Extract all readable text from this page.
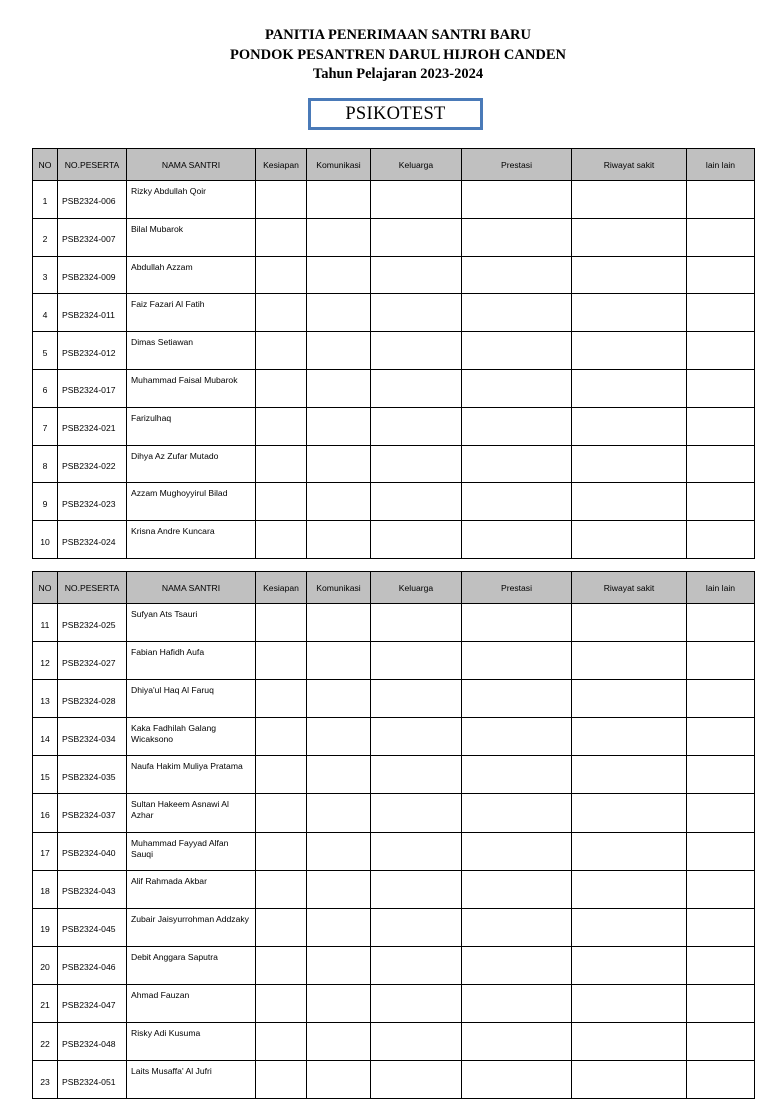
PANITIA PENERIMAAN SANTRI BARU
PONDOK PESANTREN DARUL HIJROH CANDEN
Tahun Pelajaran 2023-2024
PSIKOTEST
NO	NO.PESERTA	NAMA SANTRI	Kesiapan	Komunikasi	Keluarga	Prestasi	Riwayat sakit	lain lain
1	PSB2324-006	Rizky Abdullah Qoir						
2	PSB2324-007	Bilal Mubarok						
3	PSB2324-009	Abdullah Azzam						
4	PSB2324-011	Faiz Fazari Al Fatih						
5	PSB2324-012	Dimas Setiawan						
6	PSB2324-017	Muhammad Faisal Mubarok						
7	PSB2324-021	Farizulhaq						
8	PSB2324-022	Dihya Az Zufar Mutado						
9	PSB2324-023	Azzam Mughoyyirul Bilad						
10	PSB2324-024	Krisna Andre Kuncara						
NO	NO.PESERTA	NAMA SANTRI	Kesiapan	Komunikasi	Keluarga	Prestasi	Riwayat sakit	lain lain
11	PSB2324-025	Sufyan Ats Tsauri						
12	PSB2324-027	Fabian Hafidh Aufa						
13	PSB2324-028	Dhiya'ul Haq Al Faruq						
14	PSB2324-034	Kaka Fadhilah Galang Wicaksono						
15	PSB2324-035	Naufa Hakim Muliya Pratama						
16	PSB2324-037	Sultan Hakeem Asnawi Al Azhar						
17	PSB2324-040	Muhammad Fayyad Alfan Sauqi						
18	PSB2324-043	Alif Rahmada Akbar						
19	PSB2324-045	Zubair Jaisyurrohman Addzaky						
20	PSB2324-046	Debit Anggara Saputra						
21	PSB2324-047	Ahmad Fauzan						
22	PSB2324-048	Risky Adi Kusuma						
23	PSB2324-051	Laits Musaffa' Al Jufri						
